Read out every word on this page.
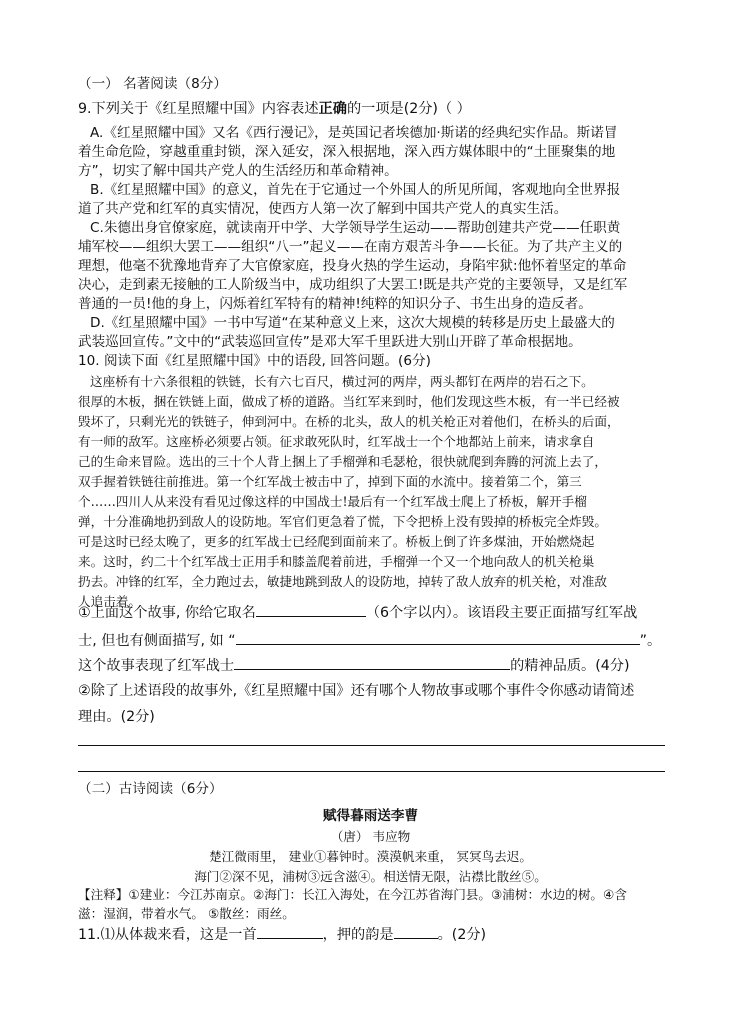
（一） 名著阅读（8分）
9.下列关于《红星照耀中国》内容表述正确的一项是(2分)（ ）
A.《红星照耀中国》又名《西行漫记》，是英国记者埃德加·斯诺的经典纪实作品。斯诺冒
着生命危险，穿越重重封锁，深入延安，深入根据地，深入西方媒体眼中的“土匪聚集的地
方”，切实了解中国共产党人的生活经历和革命精神。
B.《红星照耀中国》的意义，首先在于它通过一个外国人的所见所闻，客观地向全世界报
道了共产党和红军的真实情况，使西方人第一次了解到中国共产党人的真实生活。
C.朱德出身官僚家庭，就读南开中学、大学领导学生运动——帮助创建共产党——任职黄
埔军校——组织大罢工——组织“八一”起义——在南方艰苦斗争——长征。为了共产主义的
理想，他毫不犹豫地背弃了大官僚家庭，投身火热的学生运动，身陷牢狱:他怀着坚定的革命
决心，走到素无接触的工人阶级当中，成功组织了大罢工!既是共产党的主要领导，又是红军
普通的一员!他的身上，闪烁着红军特有的精神!纯粹的知识分子、书生出身的造反者。
D.《红星照耀中国》一书中写道“在某种意义上来，这次大规模的转移是历史上最盛大的
武装巡回宣传。”文中的“武装巡回宣传”是邓大军千里跃进大别山开辟了革命根据地。
10. 阅读下面《红星照耀中国》中的语段, 回答问题。(6分)
这座桥有十六条很粗的铁链，长有六七百尺，横过河的两岸，两头都钉在两岸的岩石之下。
很厚的木板，捆在铁链上面，做成了桥的道路。当红军来到时，他们发现这些木板，有一半已经被
毁坏了，只剩光光的铁链子，伸到河中。在桥的北头，敌人的机关枪正对着他们，在桥头的后面，
有一师的敌军。这座桥必须要占领。征求敢死队时，红军战士一个个地都站上前来，请求拿自
己的生命来冒险。选出的三十个人背上捆上了手榴弹和毛瑟枪，很快就爬到奔腾的河流上去了，
双手握着铁链往前推进。第一个红军战士被击中了，掉到下面的水流中。接着第二个，第三
个……四川人从来没有看见过像这样的中国战士!最后有一个红军战士爬上了桥板，解开手榴
弹，十分准确地扔到敌人的设防地。军官们更急着了慌，下令把桥上没有毁掉的桥板完全炸毁。
可是这时已经太晚了，更多的红军战士已经爬到面前来了。桥板上倒了许多煤油，开始燃烧起
来。这时，约二十个红军战士正用手和膝盖爬着前进，手榴弹一个又一个地向敌人的机关枪巢
扔去。冲锋的红军，全力跑过去，敏捷地跳到敌人的设防地，掉转了敌人放弃的机关枪，对准敌
人追击着。
①上面这个故事, 你给它取名	（6个字以内）。该语段主要正面描写红军战
士, 但也有侧面描写, 如 “	”。
这个故事表现了红军战士	的精神品质。(4分)
②除了上述语段的故事外,《红星照耀中国》还有哪个人物故事或哪个事件令你感动请简述
理由。(2分)
（二）古诗阅读（6分）
赋得暮雨送李曹
（唐） 韦应物
楚江微雨里， 建业①暮钟时。漠漠帆来重， 冥冥鸟去迟。
海门②深不见，浦树③远含滋④。相送情无限，沾襟比散丝⑤。
【注释】①建业：今江苏南京。②海门：长江入海处，在今江苏省海门县。③浦树：水边的树。④含
滋：湿润，带着水气。 ⑤散丝：雨丝。
11.⑴从体裁来看，这是一首	，押的韵是	。(2分)
